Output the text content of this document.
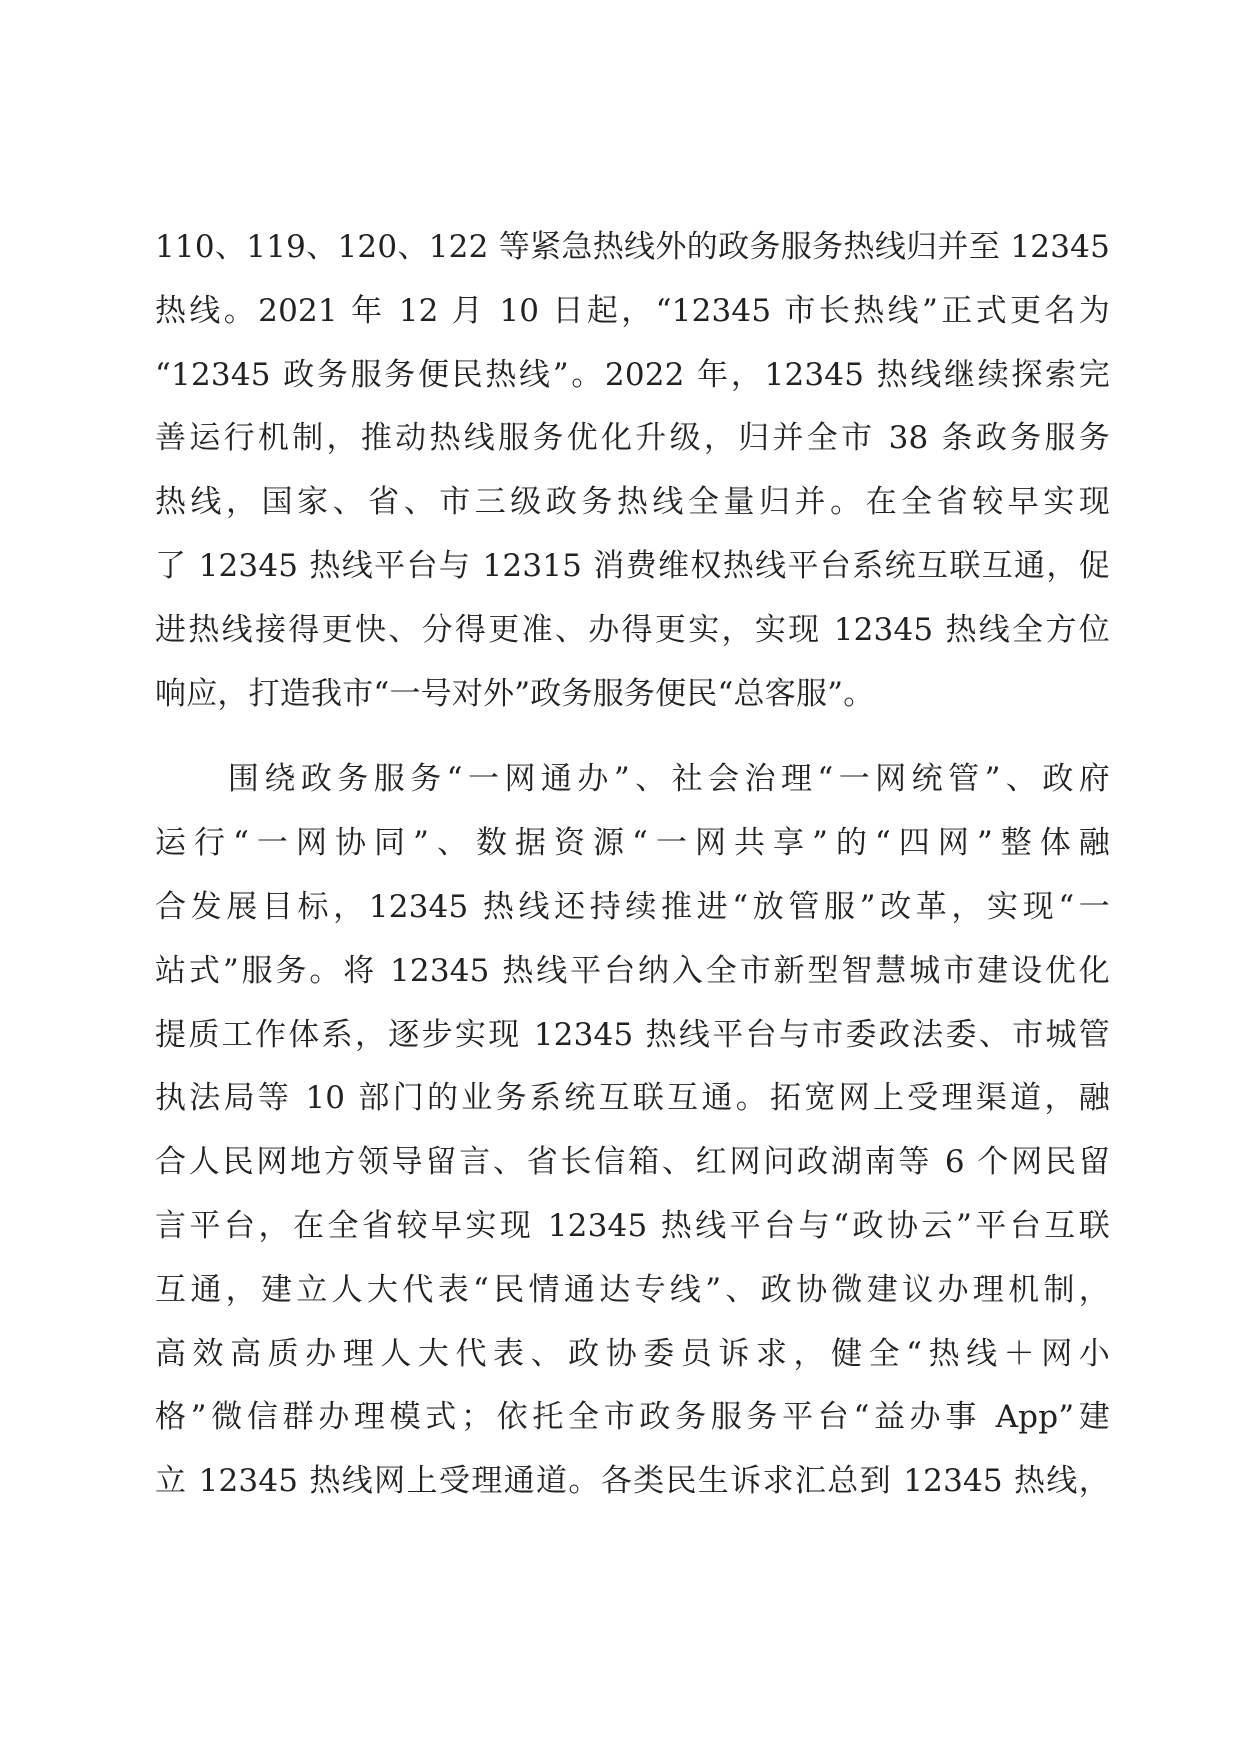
110、119、120、122 等紧急热线外的政务服务热线归并至 12345
热线。2021 年 12 月 10 日起，“12345 市长热线”正式更名为
“12345 政务服务便民热线”。2022 年，12345 热线继续探索完
善运行机制，推动热线服务优化升级，归并全市 38 条政务服务
热线，国家、省、市三级政务热线全量归并。在全省较早实现
了 12345 热线平台与 12315 消费维权热线平台系统互联互通，促
进热线接得更快、分得更准、办得更实，实现 12345 热线全方位
响应，打造我市“一号对外”政务服务便民“总客服”。
　　围绕政务服务“一网通办”、社会治理“一网统管”、政府
运行“一网协同”、数据资源“一网共享”的“四网”整体融
合发展目标，12345 热线还持续推进“放管服”改革，实现“一
站式”服务。将 12345 热线平台纳入全市新型智慧城市建设优化
提质工作体系，逐步实现 12345 热线平台与市委政法委、市城管
执法局等 10 部门的业务系统互联互通。拓宽网上受理渠道，融
合人民网地方领导留言、省长信箱、红网问政湖南等 6 个网民留
言平台，在全省较早实现 12345 热线平台与“政协云”平台互联
互通，建立人大代表“民情通达专线”、政协微建议办理机制，
高效高质办理人大代表、政协委员诉求，健全“热线＋网小
格”微信群办理模式；依托全市政务服务平台“益办事 App”建
立 12345 热线网上受理通道。各类民生诉求汇总到 12345 热线，
